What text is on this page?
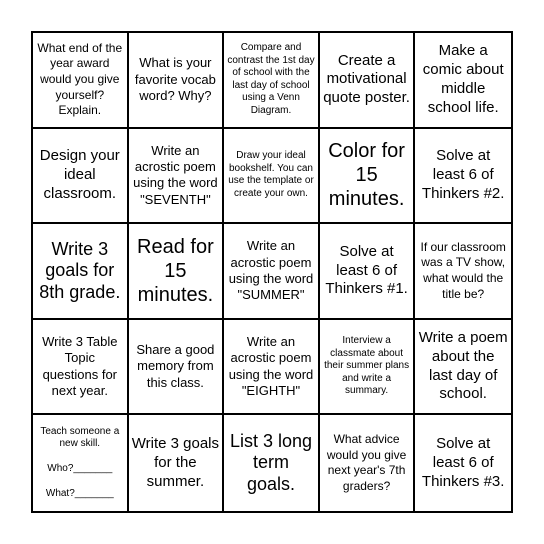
What end of the year award would you give yourself? Explain.
What is your favorite vocab word? Why?
Compare and contrast the 1st day of school with the last day of school using a Venn Diagram.
Create a motivational quote poster.
Make a comic about middle school life.
Design your ideal classroom.
Write an acrostic poem using the word "SEVENTH"
Draw your ideal bookshelf. You can use the template or create your own.
Color for 15 minutes.
Solve at least 6 of Thinkers #2.
Write 3 goals for 8th grade.
Read for 15 minutes.
Write an acrostic poem using the word "SUMMER"
Solve at least 6 of Thinkers #1.
If our classroom was a TV show, what would the title be?
Write 3 Table Topic questions for next year.
Share a good memory from this class.
Write an acrostic poem using the word "EIGHTH"
Interview a classmate about their summer plans and write a summary.
Write a poem about the last day of school.
Teach someone a new skill.

Who?_______

What?_______
Write 3 goals for the summer.
List 3 long term goals.
What advice would you give next year's 7th graders?
Solve at least 6 of Thinkers #3.
